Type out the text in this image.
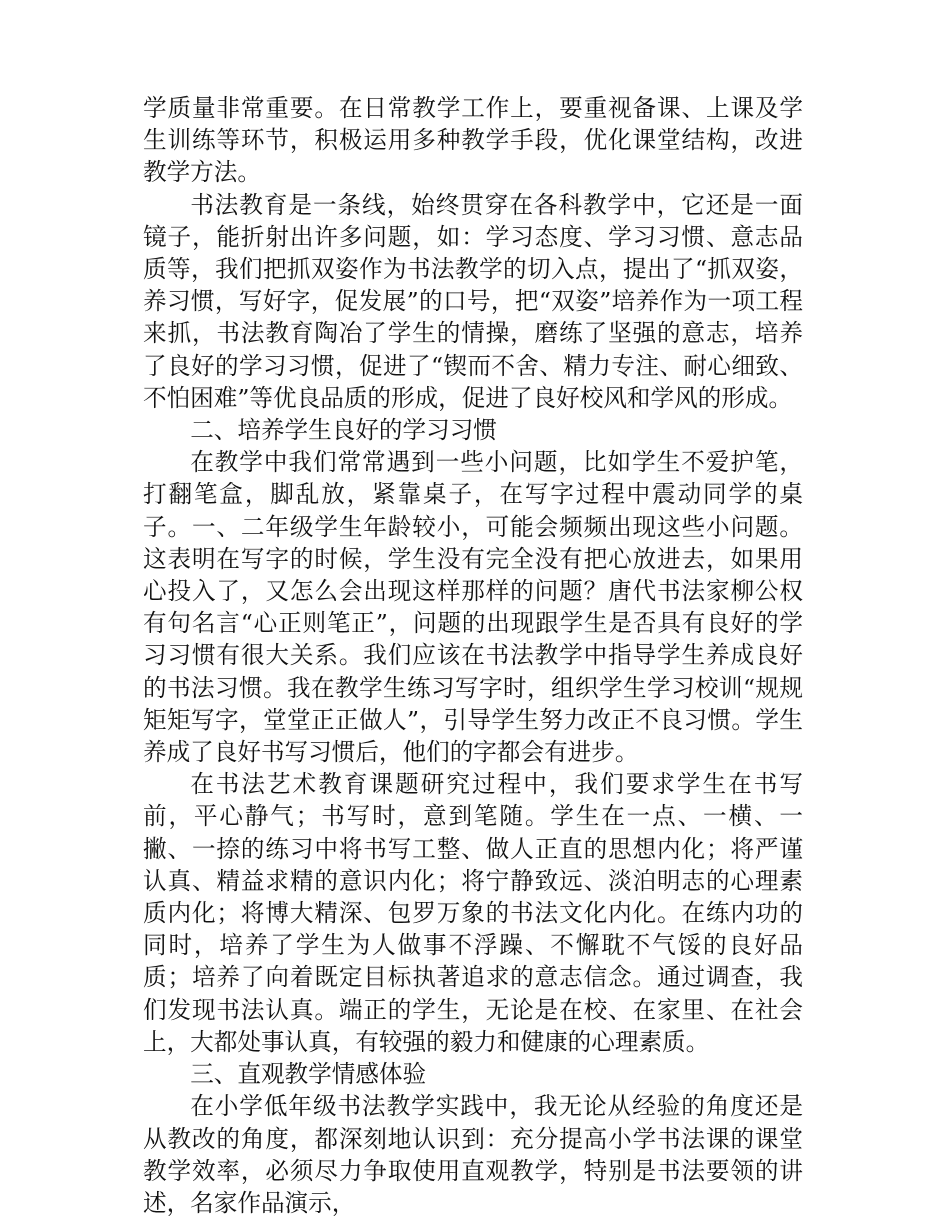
学质量非常重要。在日常教学工作上，要重视备课、上课及学生训练等环节，积极运用多种教学手段，优化课堂结构，改进教学方法。

书法教育是一条线，始终贯穿在各科教学中，它还是一面镜子，能折射出许多问题，如：学习态度、学习习惯、意志品质等，我们把抓双姿作为书法教学的切入点，提出了“抓双姿，养习惯，写好字，促发展”的口号，把“双姿”培养作为一项工程来抓，书法教育陶冶了学生的情操，磨练了坚强的意志，培养了良好的学习习惯，促进了“锲而不舍、精力专注、耐心细致、不怕困难”等优良品质的形成，促进了良好校风和学风的形成。

二、培养学生良好的学习习惯

在教学中我们常常遇到一些小问题，比如学生不爱护笔，打翻笔盒，脚乱放，紧靠桌子，在写字过程中震动同学的桌子。一、二年级学生年龄较小，可能会频频出现这些小问题。这表明在写字的时候，学生没有完全没有把心放进去，如果用心投入了，又怎么会出现这样那样的问题？唐代书法家柳公权有句名言“心正则笔正”，问题的出现跟学生是否具有良好的学习习惯有很大关系。我们应该在书法教学中指导学生养成良好的书法习惯。我在教学生练习写字时，组织学生学习校训“规规矩矩写字，堂堂正正做人”，引导学生努力改正不良习惯。学生养成了良好书写习惯后，他们的字都会有进步。

在书法艺术教育课题研究过程中，我们要求学生在书写前，平心静气；书写时，意到笔随。学生在一点、一横、一撇、一捺的练习中将书写工整、做人正直的思想内化；将严谨认真、精益求精的意识内化；将宁静致远、淡泊明志的心理素质内化；将博大精深、包罗万象的书法文化内化。在练内功的同时，培养了学生为人做事不浮躁、不懈耽不气馁的良好品质；培养了向着既定目标执著追求的意志信念。通过调查，我们发现书法认真。端正的学生，无论是在校、在家里、在社会上，大都处事认真，有较强的毅力和健康的心理素质。

三、直观教学情感体验

在小学低年级书法教学实践中，我无论从经验的角度还是从教改的角度，都深刻地认识到：充分提高小学书法课的课堂教学效率，必须尽力争取使用直观教学，特别是书法要领的讲述，名家作品演示，
